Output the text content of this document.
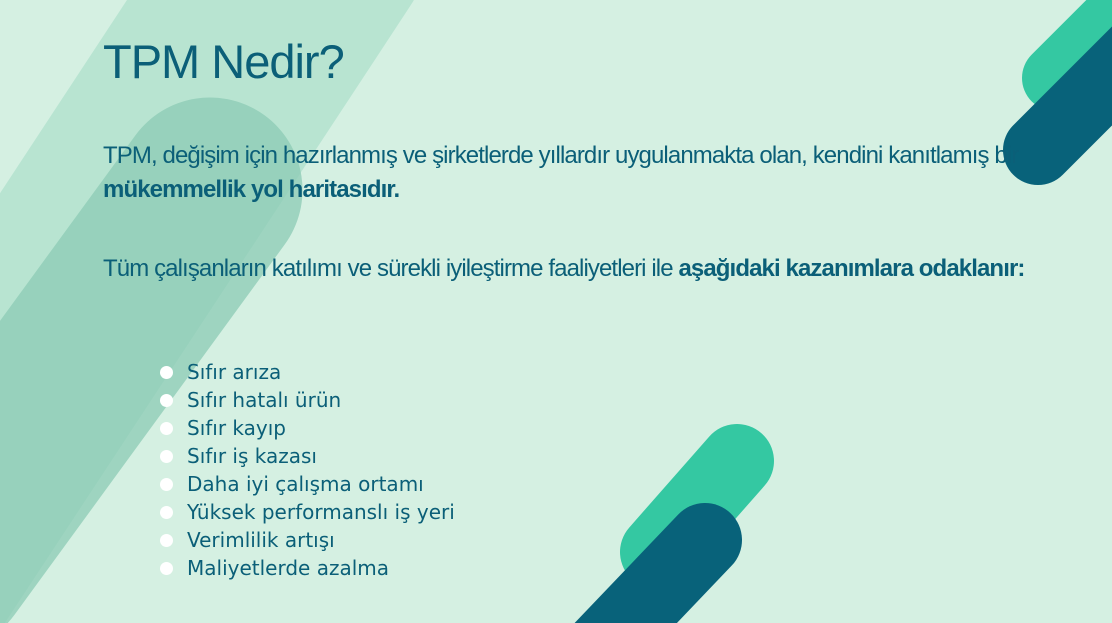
TPM Nedir?

TPM, değişim için hazırlanmış ve şirketlerde yıllardır uygulanmakta olan, kendini kanıtlamış bir mükemmellik yol haritasıdır.

Tüm çalışanların katılımı ve sürekli iyileştirme faaliyetleri ile aşağıdaki kazanımlara odaklanır:

Sıfır arıza
Sıfır hatalı ürün
Sıfır kayıp
Sıfır iş kazası
Daha iyi çalışma ortamı
Yüksek performanslı iş yeri
Verimlilik artışı
Maliyetlerde azalma
